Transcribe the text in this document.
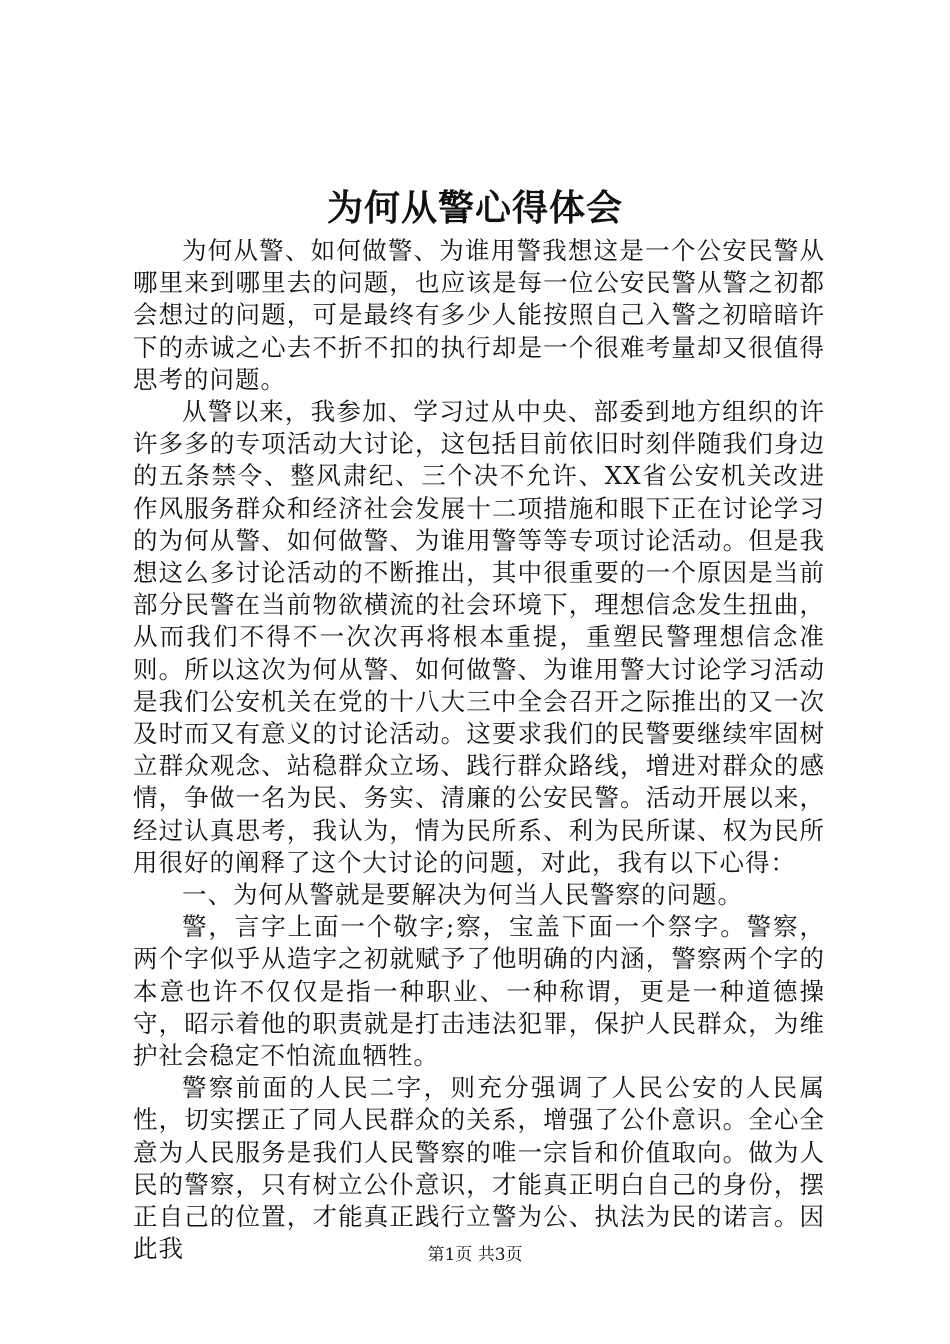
为何从警心得体会

为何从警、如何做警、为谁用警我想这是一个公安民警从哪里来到哪里去的问题，也应该是每一位公安民警从警之初都会想过的问题，可是最终有多少人能按照自己入警之初暗暗许下的赤诚之心去不折不扣的执行却是一个很难考量却又很值得思考的问题。

从警以来，我参加、学习过从中央、部委到地方组织的许许多多的专项活动大讨论，这包括目前依旧时刻伴随我们身边的五条禁令、整风肃纪、三个决不允许、XX省公安机关改进作风服务群众和经济社会发展十二项措施和眼下正在讨论学习的为何从警、如何做警、为谁用警等等专项讨论活动。但是我想这么多讨论活动的不断推出，其中很重要的一个原因是当前部分民警在当前物欲横流的社会环境下，理想信念发生扭曲，从而我们不得不一次次再将根本重提，重塑民警理想信念准则。所以这次为何从警、如何做警、为谁用警大讨论学习活动是我们公安机关在党的十八大三中全会召开之际推出的又一次及时而又有意义的讨论活动。这要求我们的民警要继续牢固树立群众观念、站稳群众立场、践行群众路线，增进对群众的感情，争做一名为民、务实、清廉的公安民警。活动开展以来，经过认真思考，我认为，情为民所系、利为民所谋、权为民所用很好的阐释了这个大讨论的问题，对此，我有以下心得：

一、为何从警就是要解决为何当人民警察的问题。

警，言字上面一个敬字;察，宝盖下面一个祭字。警察，两个字似乎从造字之初就赋予了他明确的内涵，警察两个字的本意也许不仅仅是指一种职业、一种称谓，更是一种道德操守，昭示着他的职责就是打击违法犯罪，保护人民群众，为维护社会稳定不怕流血牺牲。

警察前面的人民二字，则充分强调了人民公安的人民属性，切实摆正了同人民群众的关系，增强了公仆意识。全心全意为人民服务是我们人民警察的唯一宗旨和价值取向。做为人民的警察，只有树立公仆意识，才能真正明白自己的身份，摆正自己的位置，才能真正践行立警为公、执法为民的诺言。因此我	第1页 共3页
